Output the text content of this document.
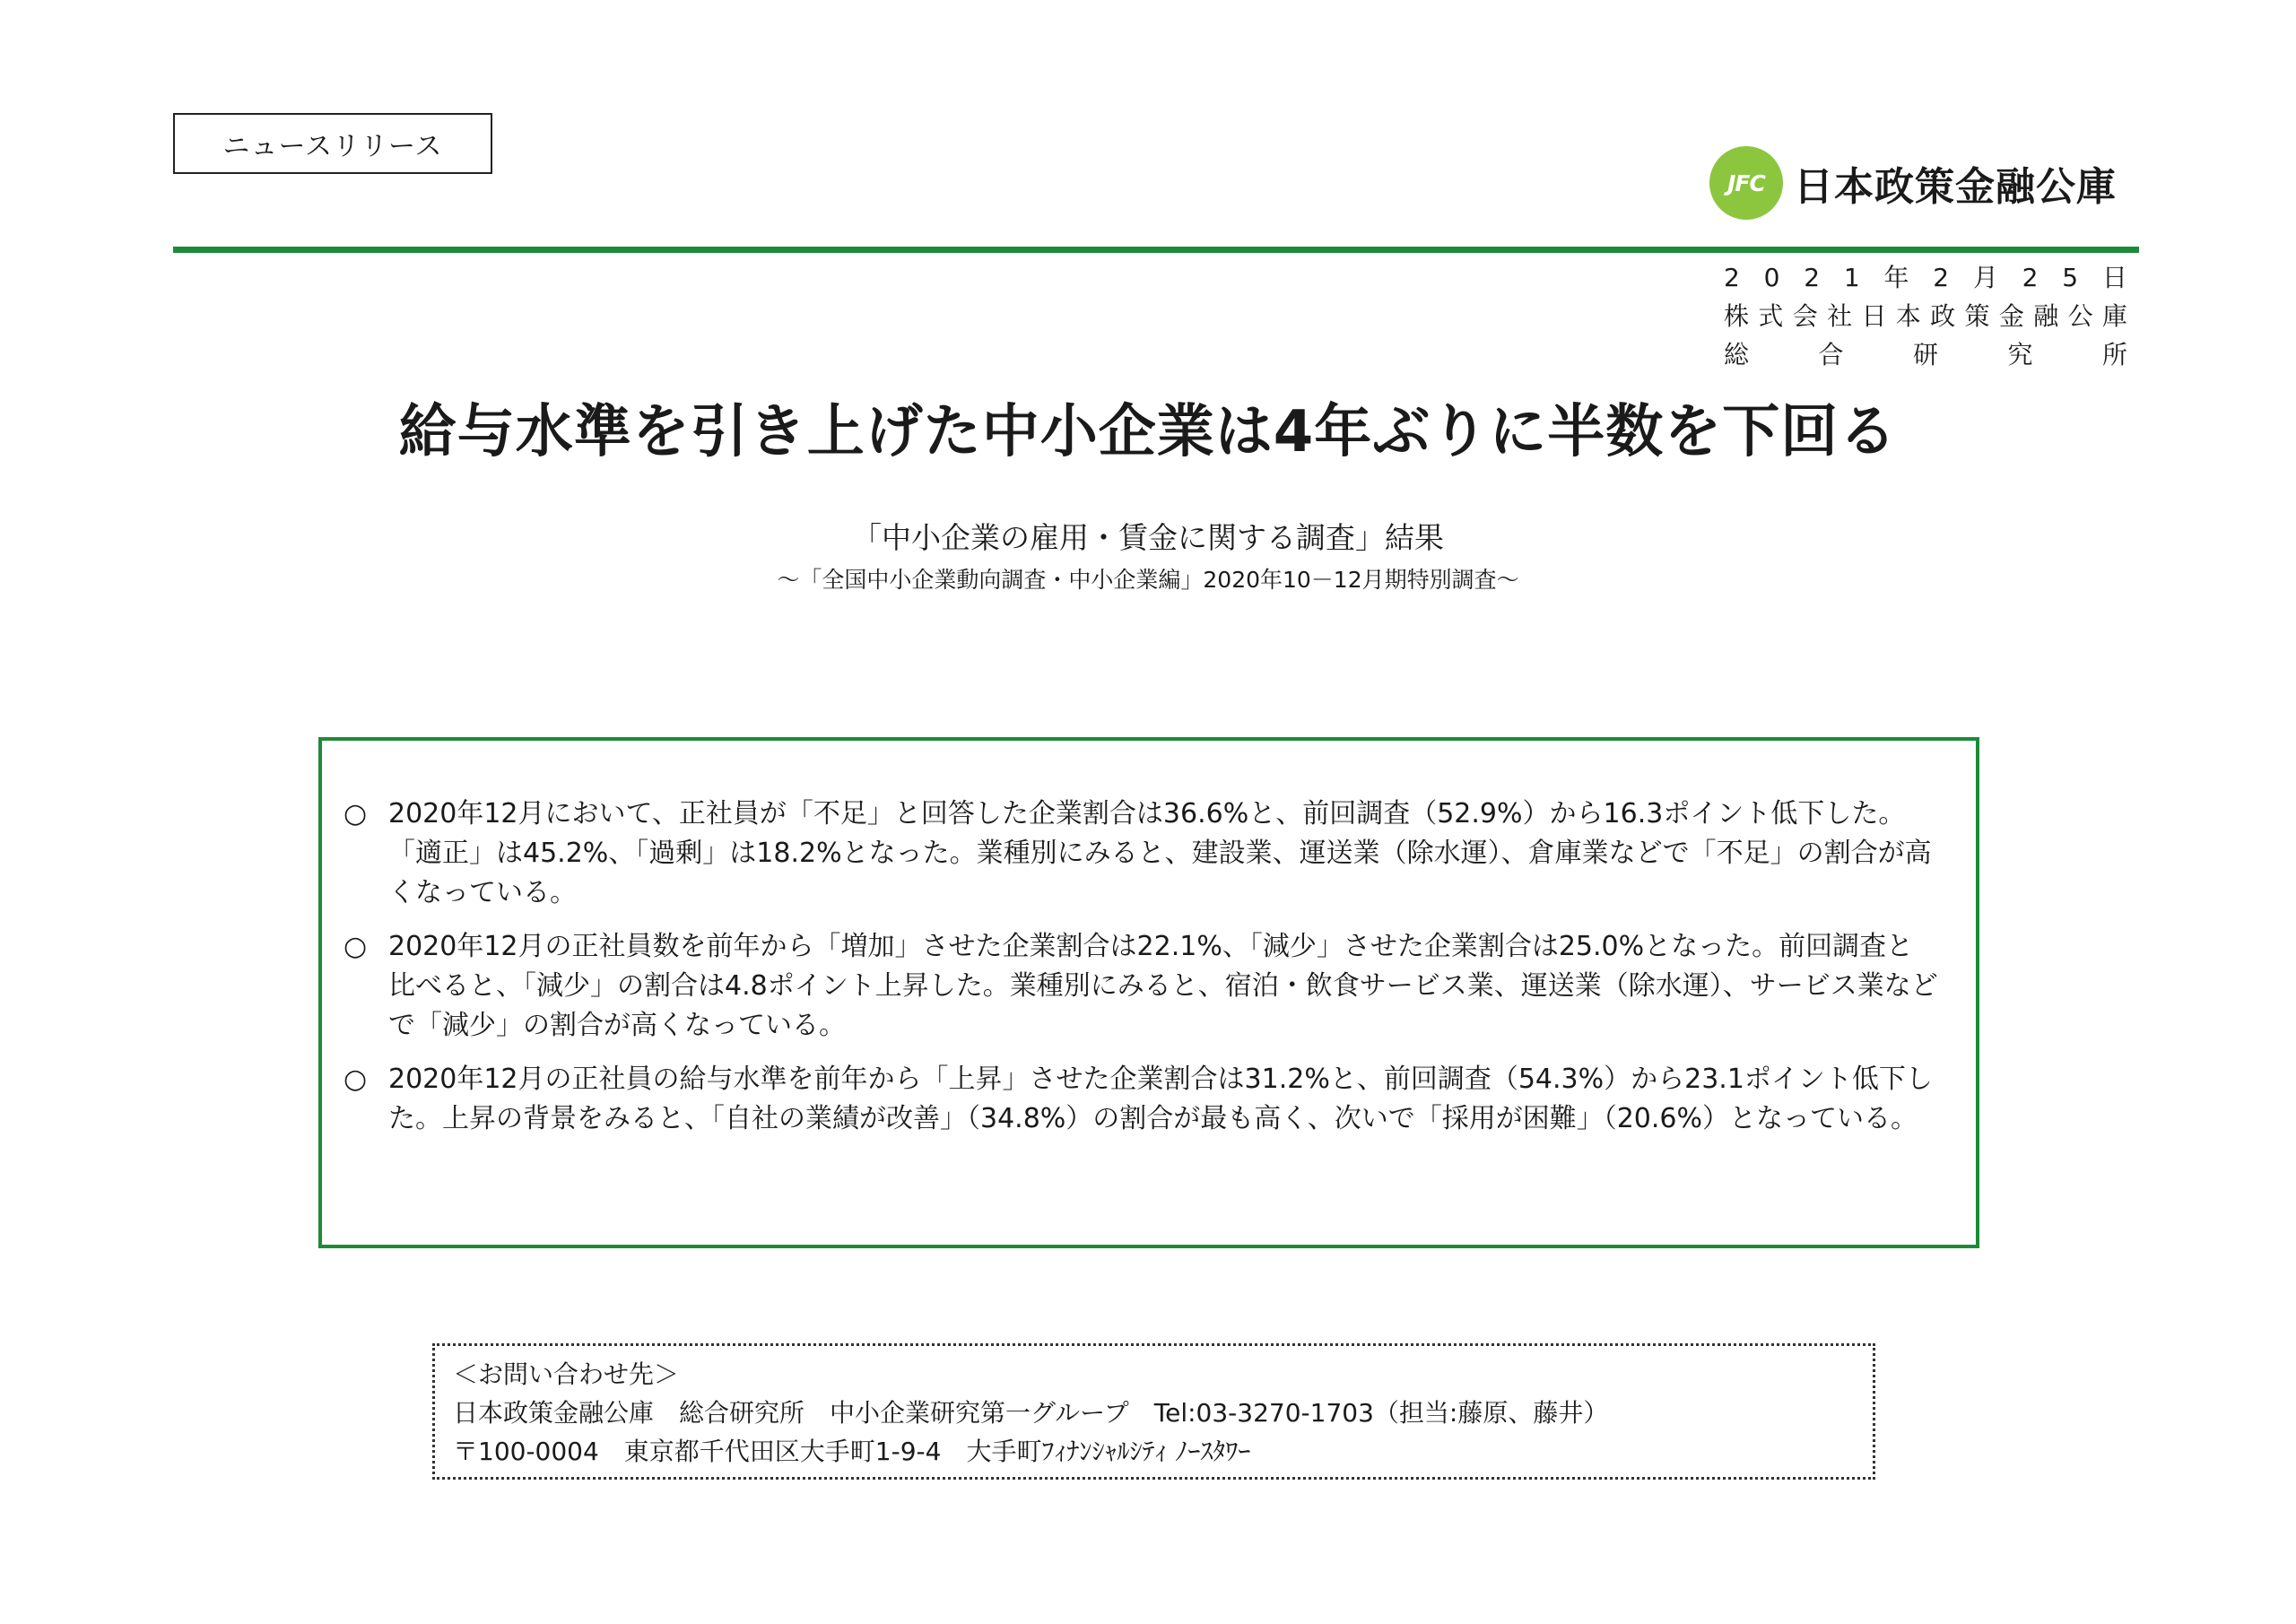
ニュースリリース
JFC 日本政策金融公庫
2 0 2 1 年 2 月 2 5 日
株 式 会 社 日 本 政 策 金 融 公 庫
総	合	研	究	所
給与水準を引き上げた中小企業は4年ぶりに半数を下回る
「中小企業の雇用・賃金に関する調査」結果
～「全国中小企業動向調査・中小企業編」2020年10－12月期特別調査～
○ 2020年12月において、正社員が「不足」と回答した企業割合は36.6%と、前回調査（52.9%）から16.3ポイント低下した。「適正」は45.2%、「過剰」は18.2%となった。業種別にみると、建設業、運送業（除水運）、倉庫業などで「不足」の割合が高くなっている。
○ 2020年12月の正社員数を前年から「増加」させた企業割合は22.1%、「減少」させた企業割合は25.0%となった。前回調査と比べると、「減少」の割合は4.8ポイント上昇した。業種別にみると、宿泊・飲食サービス業、運送業（除水運）、サービス業などで「減少」の割合が高くなっている。
○ 2020年12月の正社員の給与水準を前年から「上昇」させた企業割合は31.2%と、前回調査（54.3%）から23.1ポイント低下した。上昇の背景をみると、「自社の業績が改善」（34.8%）の割合が最も高く、次いで「採用が困難」（20.6%）となっている。
＜お問い合わせ先＞
日本政策金融公庫　総合研究所　中小企業研究第一グループ　Tel:03-3270-1703（担当:藤原、藤井）
〒100-0004　東京都千代田区大手町1-9-4　大手町ﾌｨﾅﾝｼｬﾙｼﾃｨ ﾉｰｽﾀﾜｰ
